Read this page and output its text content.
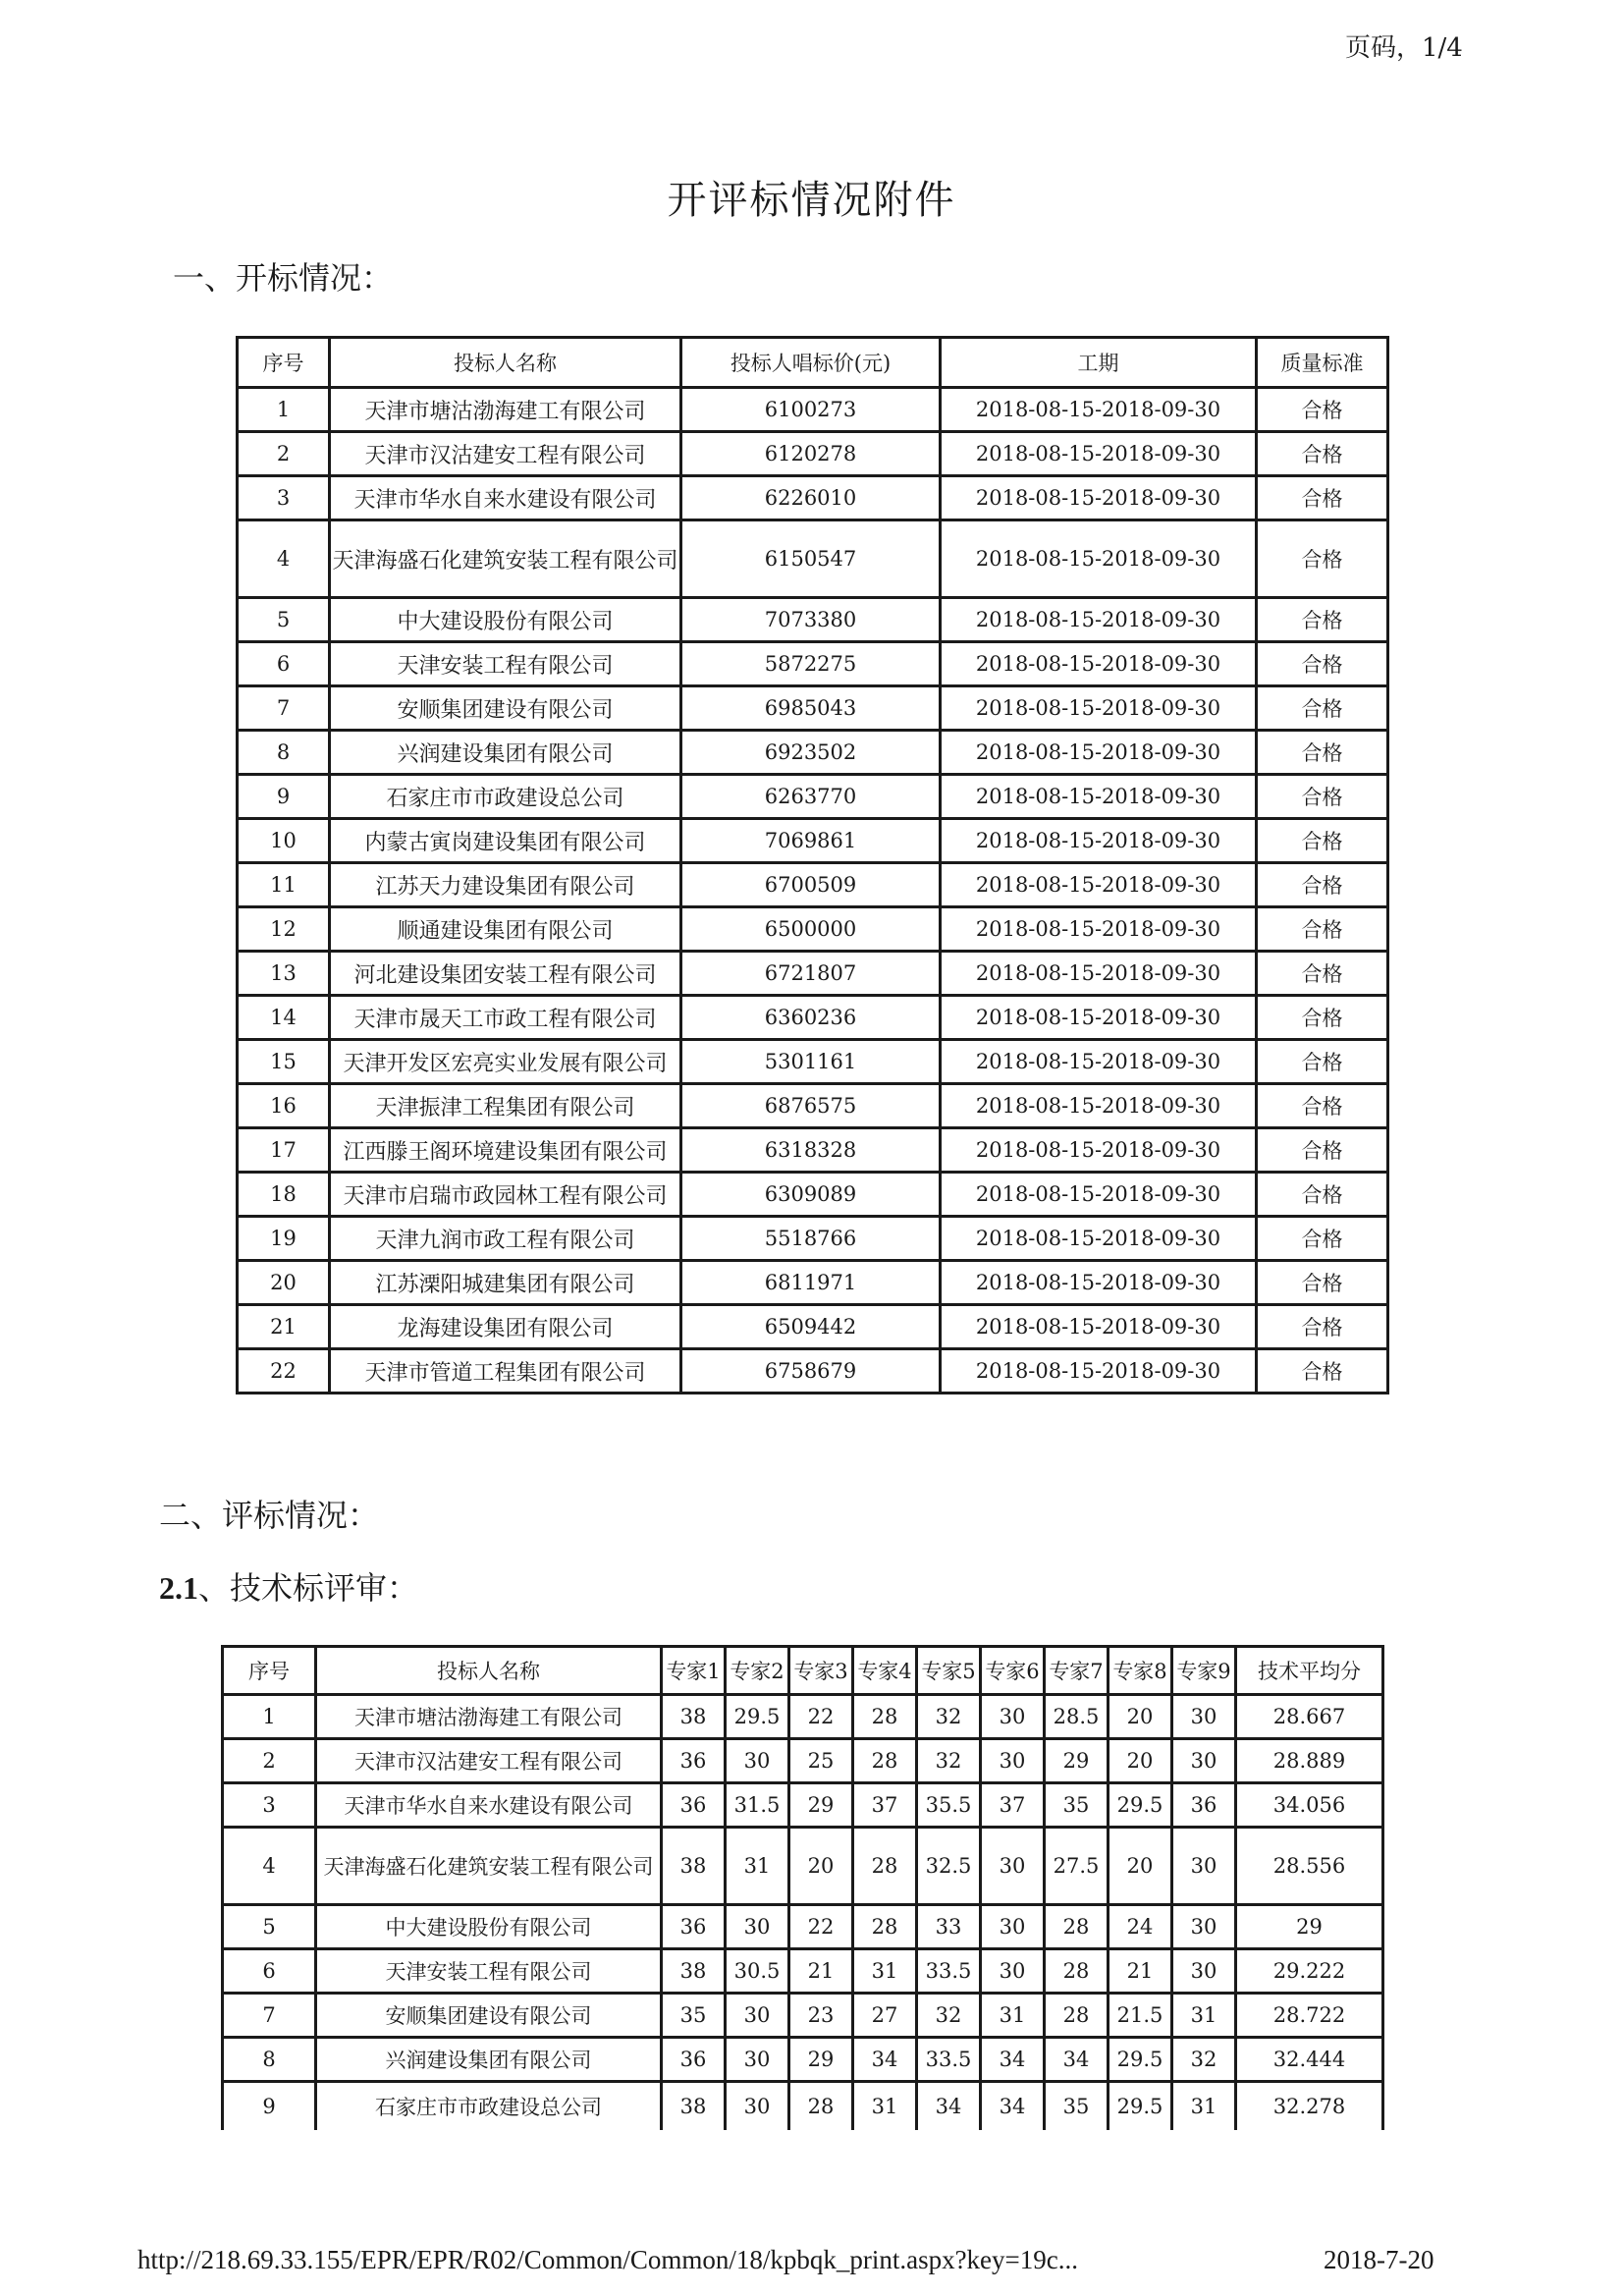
页码，1/4
开评标情况附件
一、开标情况：
序号	投标人名称	投标人唱标价(元)	工期	质量标准
1	天津市塘沽渤海建工有限公司	6100273	2018-08-15-2018-09-30	合格
2	天津市汉沽建安工程有限公司	6120278	2018-08-15-2018-09-30	合格
3	天津市华水自来水建设有限公司	6226010	2018-08-15-2018-09-30	合格
4	天津海盛石化建筑安装工程有限公司	6150547	2018-08-15-2018-09-30	合格
5	中大建设股份有限公司	7073380	2018-08-15-2018-09-30	合格
6	天津安装工程有限公司	5872275	2018-08-15-2018-09-30	合格
7	安顺集团建设有限公司	6985043	2018-08-15-2018-09-30	合格
8	兴润建设集团有限公司	6923502	2018-08-15-2018-09-30	合格
9	石家庄市市政建设总公司	6263770	2018-08-15-2018-09-30	合格
10	内蒙古寅岗建设集团有限公司	7069861	2018-08-15-2018-09-30	合格
11	江苏天力建设集团有限公司	6700509	2018-08-15-2018-09-30	合格
12	顺通建设集团有限公司	6500000	2018-08-15-2018-09-30	合格
13	河北建设集团安装工程有限公司	6721807	2018-08-15-2018-09-30	合格
14	天津市晟天工市政工程有限公司	6360236	2018-08-15-2018-09-30	合格
15	天津开发区宏亮实业发展有限公司	5301161	2018-08-15-2018-09-30	合格
16	天津振津工程集团有限公司	6876575	2018-08-15-2018-09-30	合格
17	江西滕王阁环境建设集团有限公司	6318328	2018-08-15-2018-09-30	合格
18	天津市启瑞市政园林工程有限公司	6309089	2018-08-15-2018-09-30	合格
19	天津九润市政工程有限公司	5518766	2018-08-15-2018-09-30	合格
20	江苏溧阳城建集团有限公司	6811971	2018-08-15-2018-09-30	合格
21	龙海建设集团有限公司	6509442	2018-08-15-2018-09-30	合格
22	天津市管道工程集团有限公司	6758679	2018-08-15-2018-09-30	合格
二、评标情况：
2.1、技术标评审：
序号	投标人名称	专家1	专家2	专家3	专家4	专家5	专家6	专家7	专家8	专家9	技术平均分
1	天津市塘沽渤海建工有限公司	38	29.5	22	28	32	30	28.5	20	30	28.667
2	天津市汉沽建安工程有限公司	36	30	25	28	32	30	29	20	30	28.889
3	天津市华水自来水建设有限公司	36	31.5	29	37	35.5	37	35	29.5	36	34.056
4	天津海盛石化建筑安装工程有限公司	38	31	20	28	32.5	30	27.5	20	30	28.556
5	中大建设股份有限公司	36	30	22	28	33	30	28	24	30	29
6	天津安装工程有限公司	38	30.5	21	31	33.5	30	28	21	30	29.222
7	安顺集团建设有限公司	35	30	23	27	32	31	28	21.5	31	28.722
8	兴润建设集团有限公司	36	30	29	34	33.5	34	34	29.5	32	32.444
9	石家庄市市政建设总公司	38	30	28	31	34	34	35	29.5	31	32.278
http://218.69.33.155/EPR/EPR/R02/Common/Common/18/kpbqk_print.aspx?key=19c...	2018-7-20
